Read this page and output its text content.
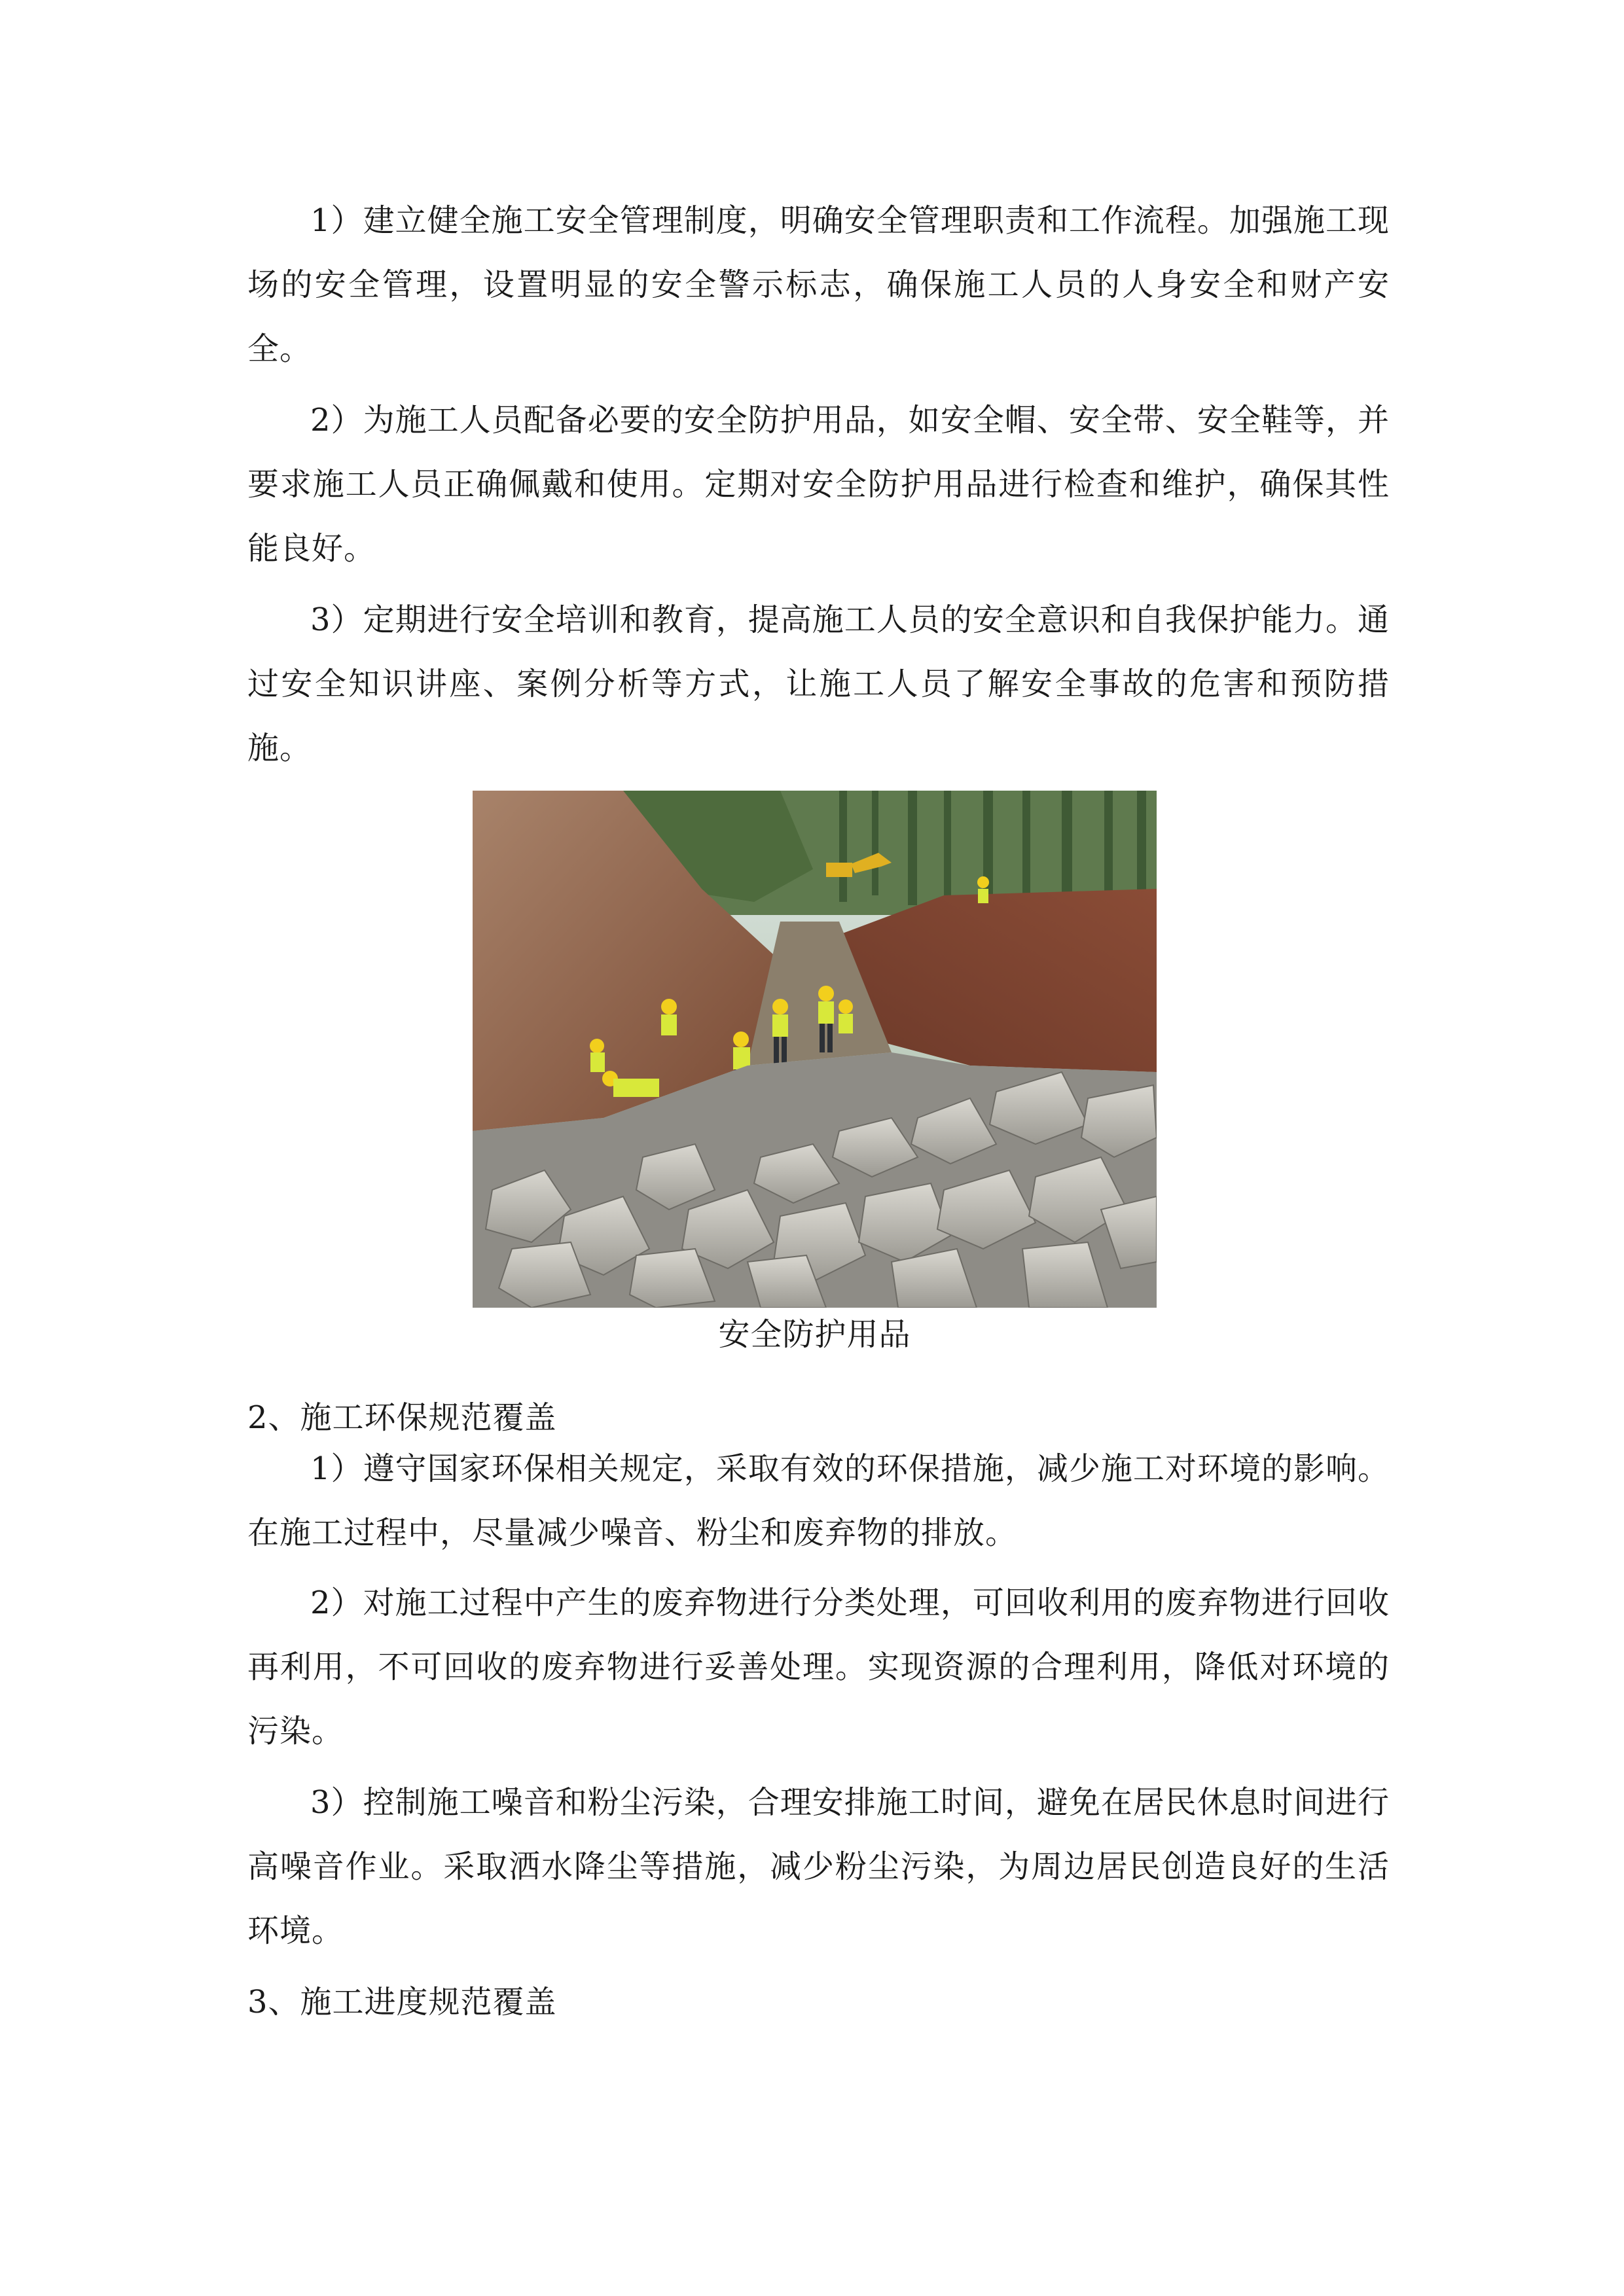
1）建立健全施工安全管理制度，明确安全管理职责和工作流程。加强施工现场的安全管理，设置明显的安全警示标志，确保施工人员的人身安全和财产安全。

2）为施工人员配备必要的安全防护用品，如安全帽、安全带、安全鞋等，并要求施工人员正确佩戴和使用。定期对安全防护用品进行检查和维护，确保其性能良好。

3）定期进行安全培训和教育，提高施工人员的安全意识和自我保护能力。通过安全知识讲座、案例分析等方式，让施工人员了解安全事故的危害和预防措施。

安全防护用品

2、施工环保规范覆盖

1）遵守国家环保相关规定，采取有效的环保措施，减少施工对环境的影响。在施工过程中，尽量减少噪音、粉尘和废弃物的排放。

2）对施工过程中产生的废弃物进行分类处理，可回收利用的废弃物进行回收再利用，不可回收的废弃物进行妥善处理。实现资源的合理利用，降低对环境的污染。

3）控制施工噪音和粉尘污染，合理安排施工时间，避免在居民休息时间进行高噪音作业。采取洒水降尘等措施，减少粉尘污染，为周边居民创造良好的生活环境。

3、施工进度规范覆盖
